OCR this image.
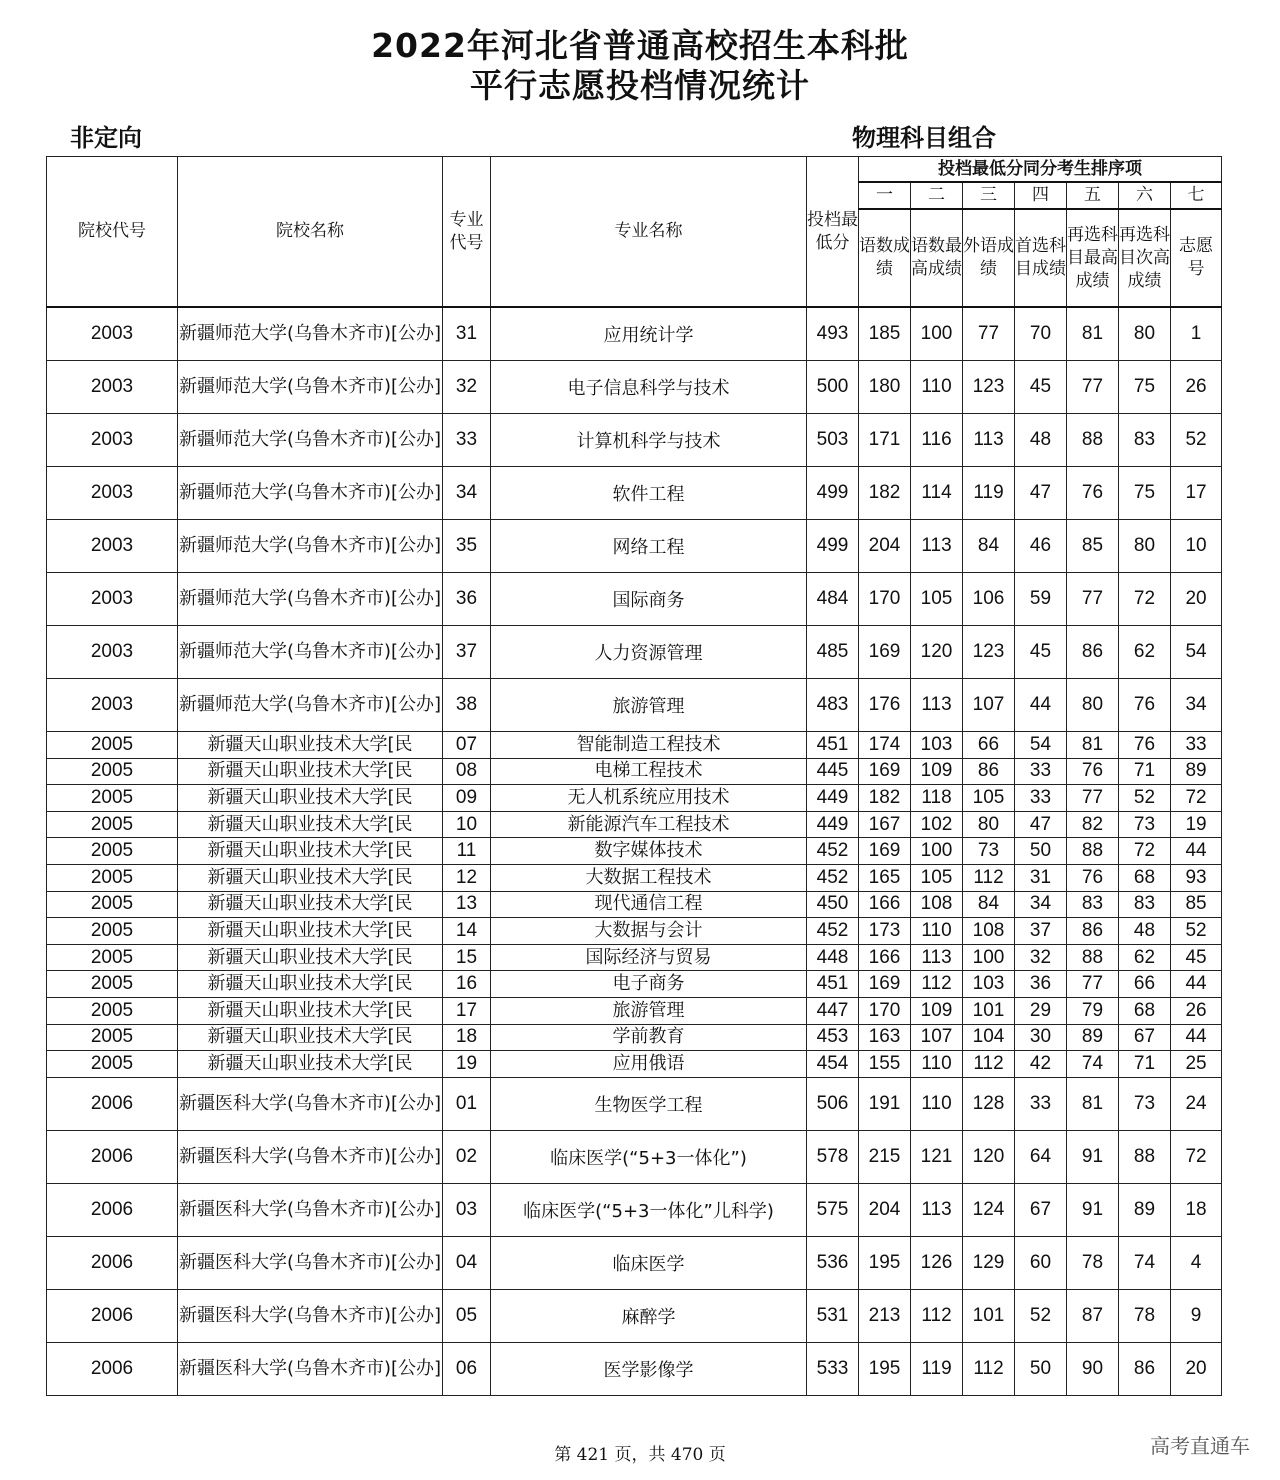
2022年河北省普通高校招生本科批
平行志愿投档情况统计
非定向	物理科目组合
院校代号	院校名称	专业代号	专业名称	投档最低分	投档最低分同分考生排序项						
					一	二	三	四	五	六	七
					语数成绩	语数最高成绩	外语成绩	首选科目成绩	再选科目最高成绩	再选科目次高成绩	志愿号
2003	新疆师范大学(乌鲁木齐市)[公办]	31	应用统计学	493	185	100	77	70	81	80	1
2003	新疆师范大学(乌鲁木齐市)[公办]	32	电子信息科学与技术	500	180	110	123	45	77	75	26
2003	新疆师范大学(乌鲁木齐市)[公办]	33	计算机科学与技术	503	171	116	113	48	88	83	52
2003	新疆师范大学(乌鲁木齐市)[公办]	34	软件工程	499	182	114	119	47	76	75	17
2003	新疆师范大学(乌鲁木齐市)[公办]	35	网络工程	499	204	113	84	46	85	80	10
2003	新疆师范大学(乌鲁木齐市)[公办]	36	国际商务	484	170	105	106	59	77	72	20
2003	新疆师范大学(乌鲁木齐市)[公办]	37	人力资源管理	485	169	120	123	45	86	62	54
2003	新疆师范大学(乌鲁木齐市)[公办]	38	旅游管理	483	176	113	107	44	80	76	34
2005	新疆天山职业技术大学[民	07	智能制造工程技术	451	174	103	66	54	81	76	33
2005	新疆天山职业技术大学[民	08	电梯工程技术	445	169	109	86	33	76	71	89
2005	新疆天山职业技术大学[民	09	无人机系统应用技术	449	182	118	105	33	77	52	72
2005	新疆天山职业技术大学[民	10	新能源汽车工程技术	449	167	102	80	47	82	73	19
2005	新疆天山职业技术大学[民	11	数字媒体技术	452	169	100	73	50	88	72	44
2005	新疆天山职业技术大学[民	12	大数据工程技术	452	165	105	112	31	76	68	93
2005	新疆天山职业技术大学[民	13	现代通信工程	450	166	108	84	34	83	83	85
2005	新疆天山职业技术大学[民	14	大数据与会计	452	173	110	108	37	86	48	52
2005	新疆天山职业技术大学[民	15	国际经济与贸易	448	166	113	100	32	88	62	45
2005	新疆天山职业技术大学[民	16	电子商务	451	169	112	103	36	77	66	44
2005	新疆天山职业技术大学[民	17	旅游管理	447	170	109	101	29	79	68	26
2005	新疆天山职业技术大学[民	18	学前教育	453	163	107	104	30	89	67	44
2005	新疆天山职业技术大学[民	19	应用俄语	454	155	110	112	42	74	71	25
2006	新疆医科大学(乌鲁木齐市)[公办]	01	生物医学工程	506	191	110	128	33	81	73	24
2006	新疆医科大学(乌鲁木齐市)[公办]	02	临床医学(“5+3一体化”)	578	215	121	120	64	91	88	72
2006	新疆医科大学(乌鲁木齐市)[公办]	03	临床医学(“5+3一体化”儿科学)	575	204	113	124	67	91	89	18
2006	新疆医科大学(乌鲁木齐市)[公办]	04	临床医学	536	195	126	129	60	78	74	4
2006	新疆医科大学(乌鲁木齐市)[公办]	05	麻醉学	531	213	112	101	52	87	78	9
2006	新疆医科大学(乌鲁木齐市)[公办]	06	医学影像学	533	195	119	112	50	90	86	20
第 421 页，共 470 页	高考直通车
